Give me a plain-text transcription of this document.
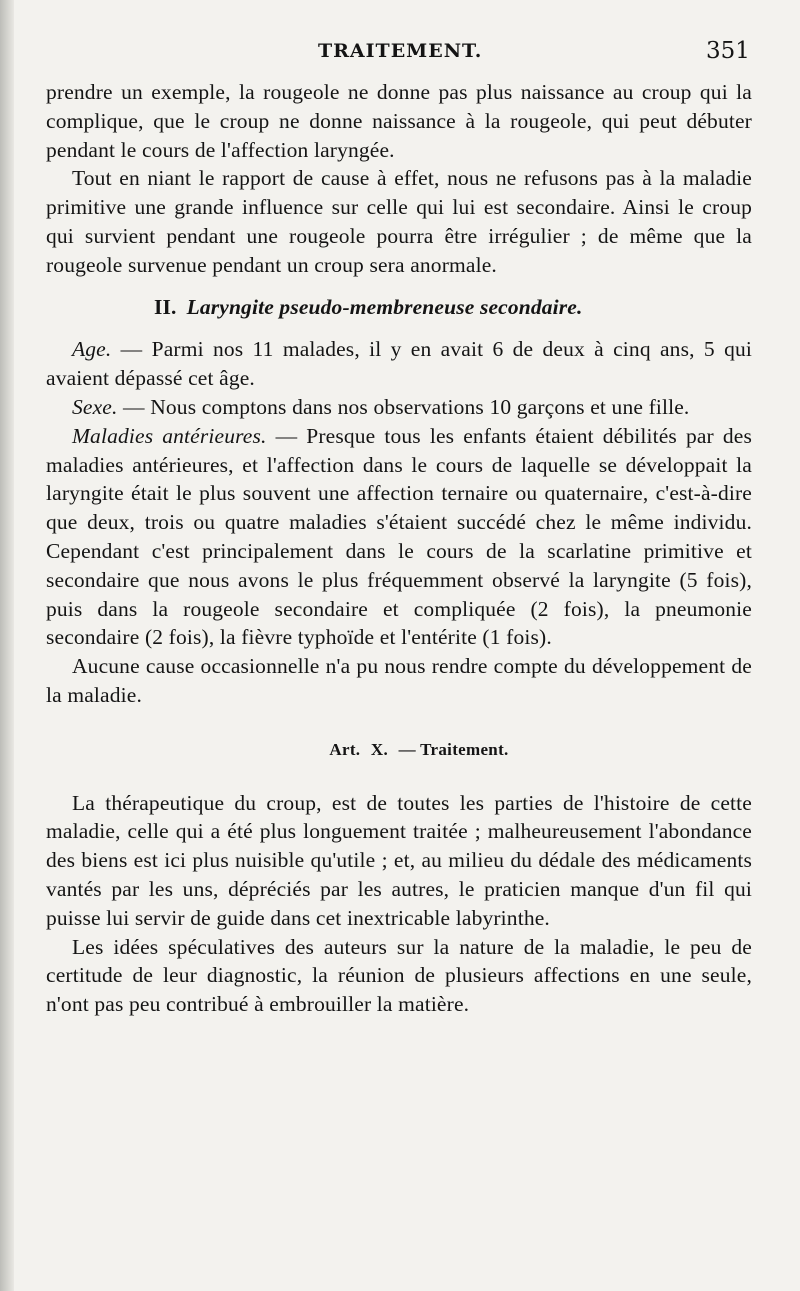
TRAITEMENT.	351

prendre un exemple, la rougeole ne donne pas plus naissance au croup qui la complique, que le croup ne donne naissance à la rougeole, qui peut débuter pendant le cours de l'affection laryngée.

Tout en niant le rapport de cause à effet, nous ne refusons pas à la maladie primitive une grande influence sur celle qui lui est secondaire. Ainsi le croup qui survient pendant une rougeole pourra être irrégulier ; de même que la rougeole survenue pendant un croup sera anormale.

II. Laryngite pseudo-membreneuse secondaire.

Age. — Parmi nos 11 malades, il y en avait 6 de deux à cinq ans, 5 qui avaient dépassé cet âge.

Sexe. — Nous comptons dans nos observations 10 garçons et une fille.

Maladies antérieures. — Presque tous les enfants étaient débilités par des maladies antérieures, et l'affection dans le cours de laquelle se développait la laryngite était le plus souvent une affection ternaire ou quaternaire, c'est-à-dire que deux, trois ou quatre maladies s'étaient succédé chez le même individu. Cependant c'est principalement dans le cours de la scarlatine primitive et secondaire que nous avons le plus fréquemment observé la laryngite (5 fois), puis dans la rougeole secondaire et compliquée (2 fois), la pneumonie secondaire (2 fois), la fièvre typhoïde et l'entérite (1 fois).

Aucune cause occasionnelle n'a pu nous rendre compte du développement de la maladie.

Art. X. — Traitement.

La thérapeutique du croup, est de toutes les parties de l'histoire de cette maladie, celle qui a été plus longuement traitée ; malheureusement l'abondance des biens est ici plus nuisible qu'utile ; et, au milieu du dédale des médicaments vantés par les uns, dépréciés par les autres, le praticien manque d'un fil qui puisse lui servir de guide dans cet inextricable labyrinthe.

Les idées spéculatives des auteurs sur la nature de la maladie, le peu de certitude de leur diagnostic, la réunion de plusieurs affections en une seule, n'ont pas peu contribué à embrouiller la matière.
